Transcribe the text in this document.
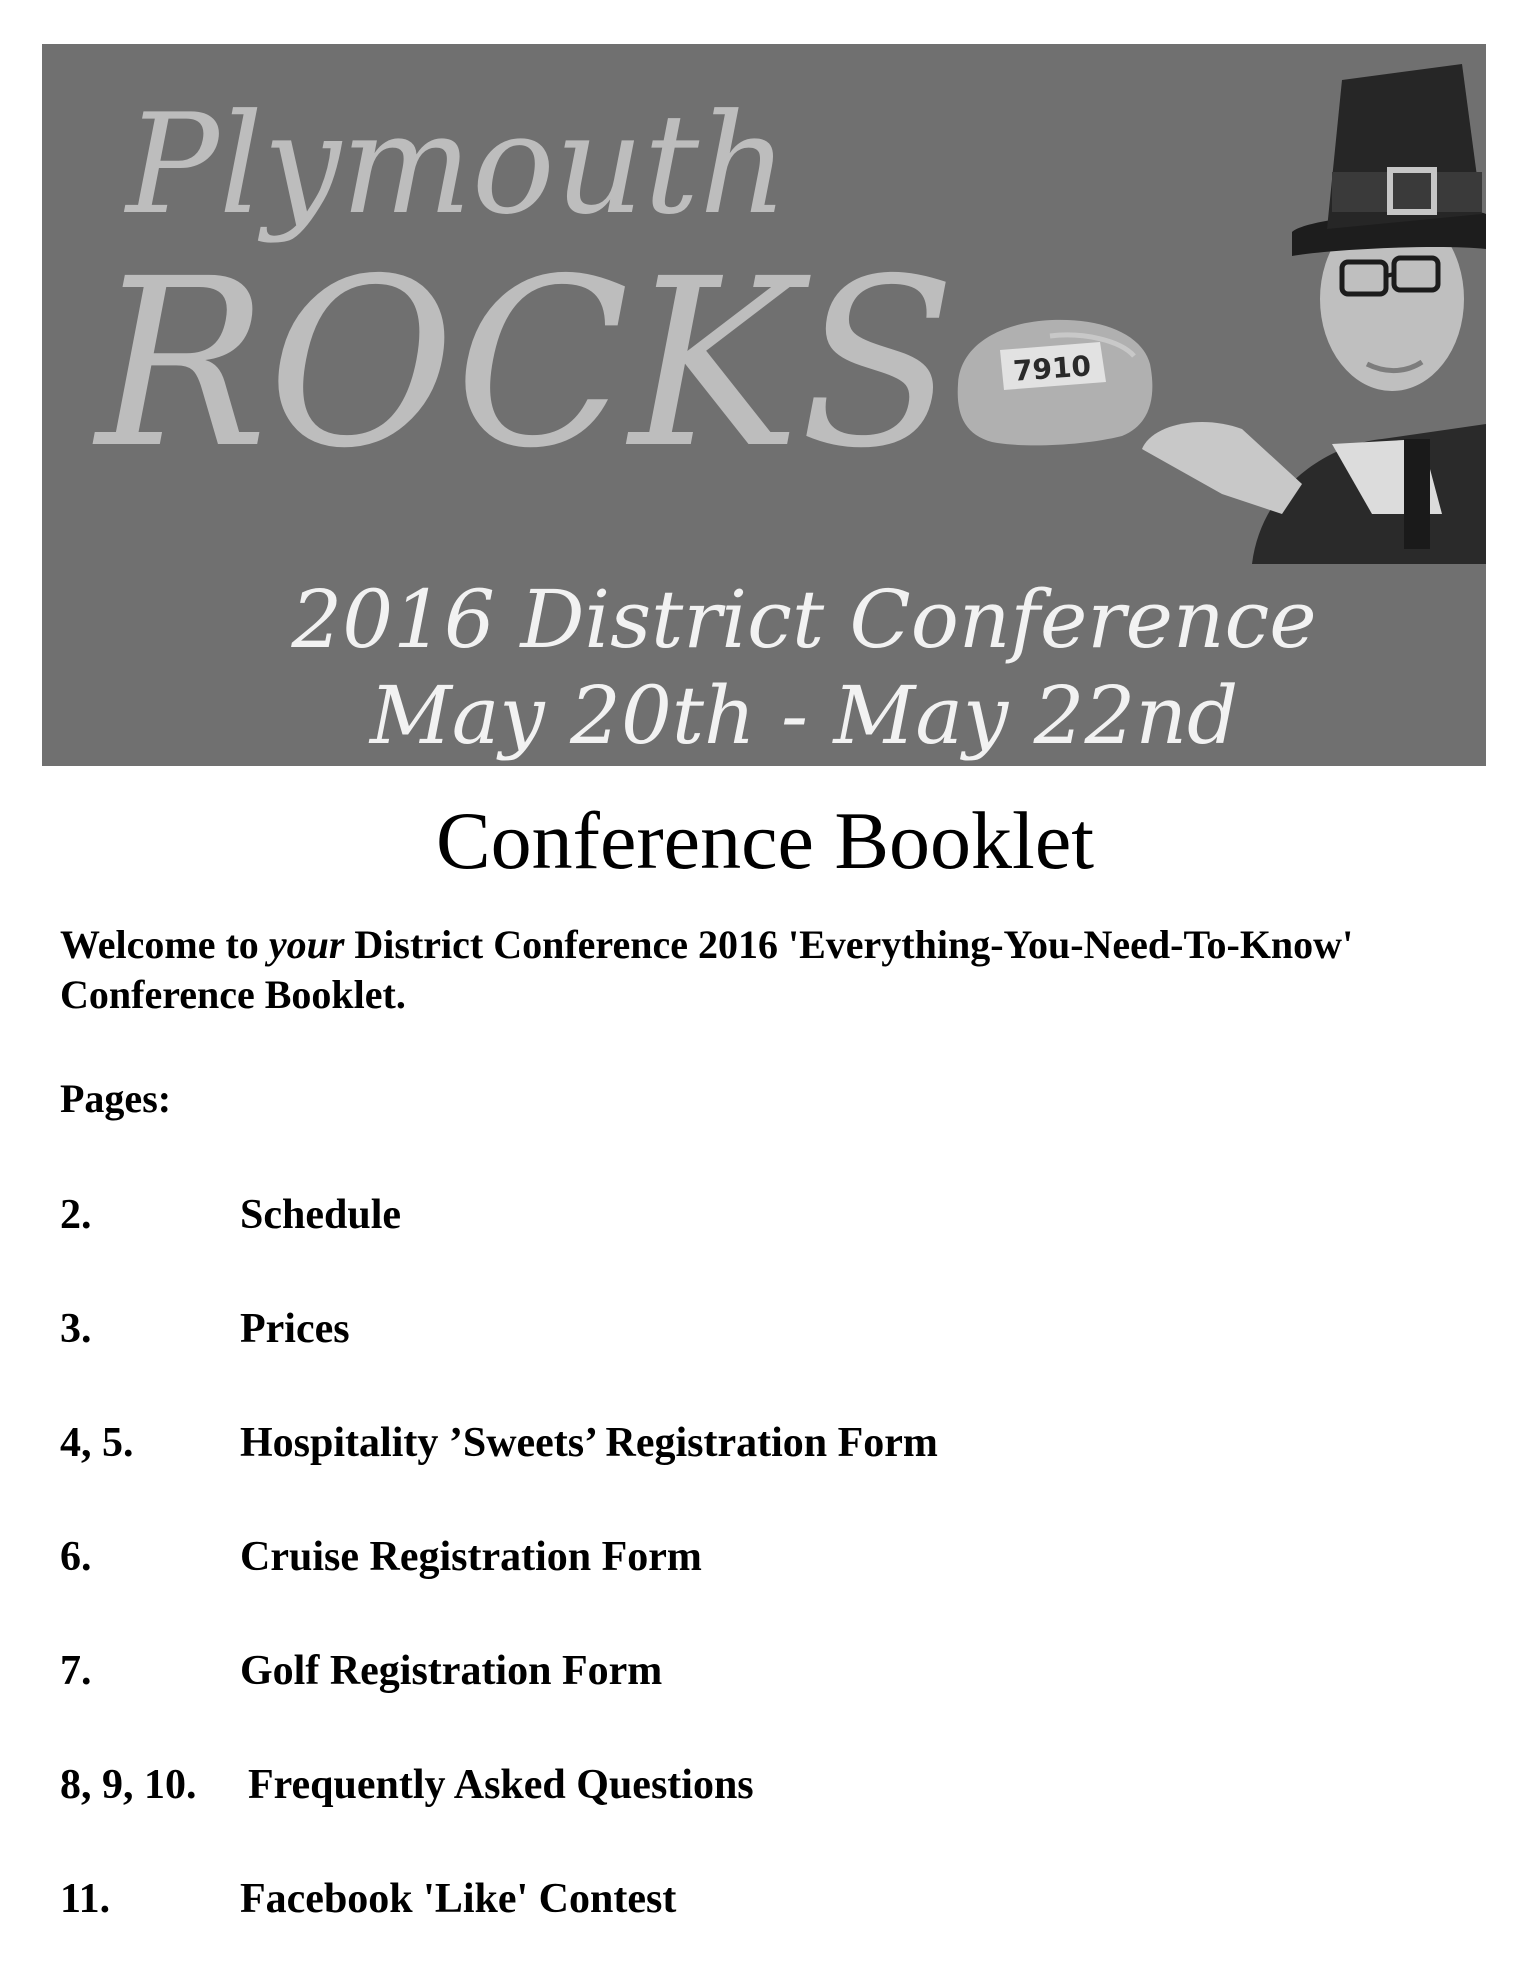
Plymouth
ROCKS 7910
2016 District Conference
May 20th - May 22nd
Conference Booklet
Welcome to your District Conference 2016 'Everything-You-Need-To-Know' Conference Booklet.
Pages:
2.	Schedule
3.	Prices
4, 5.	Hospitality ’Sweets’ Registration Form
6.	Cruise Registration Form
7.	Golf Registration Form
8, 9, 10. Frequently Asked Questions
11.	Facebook 'Like' Contest
